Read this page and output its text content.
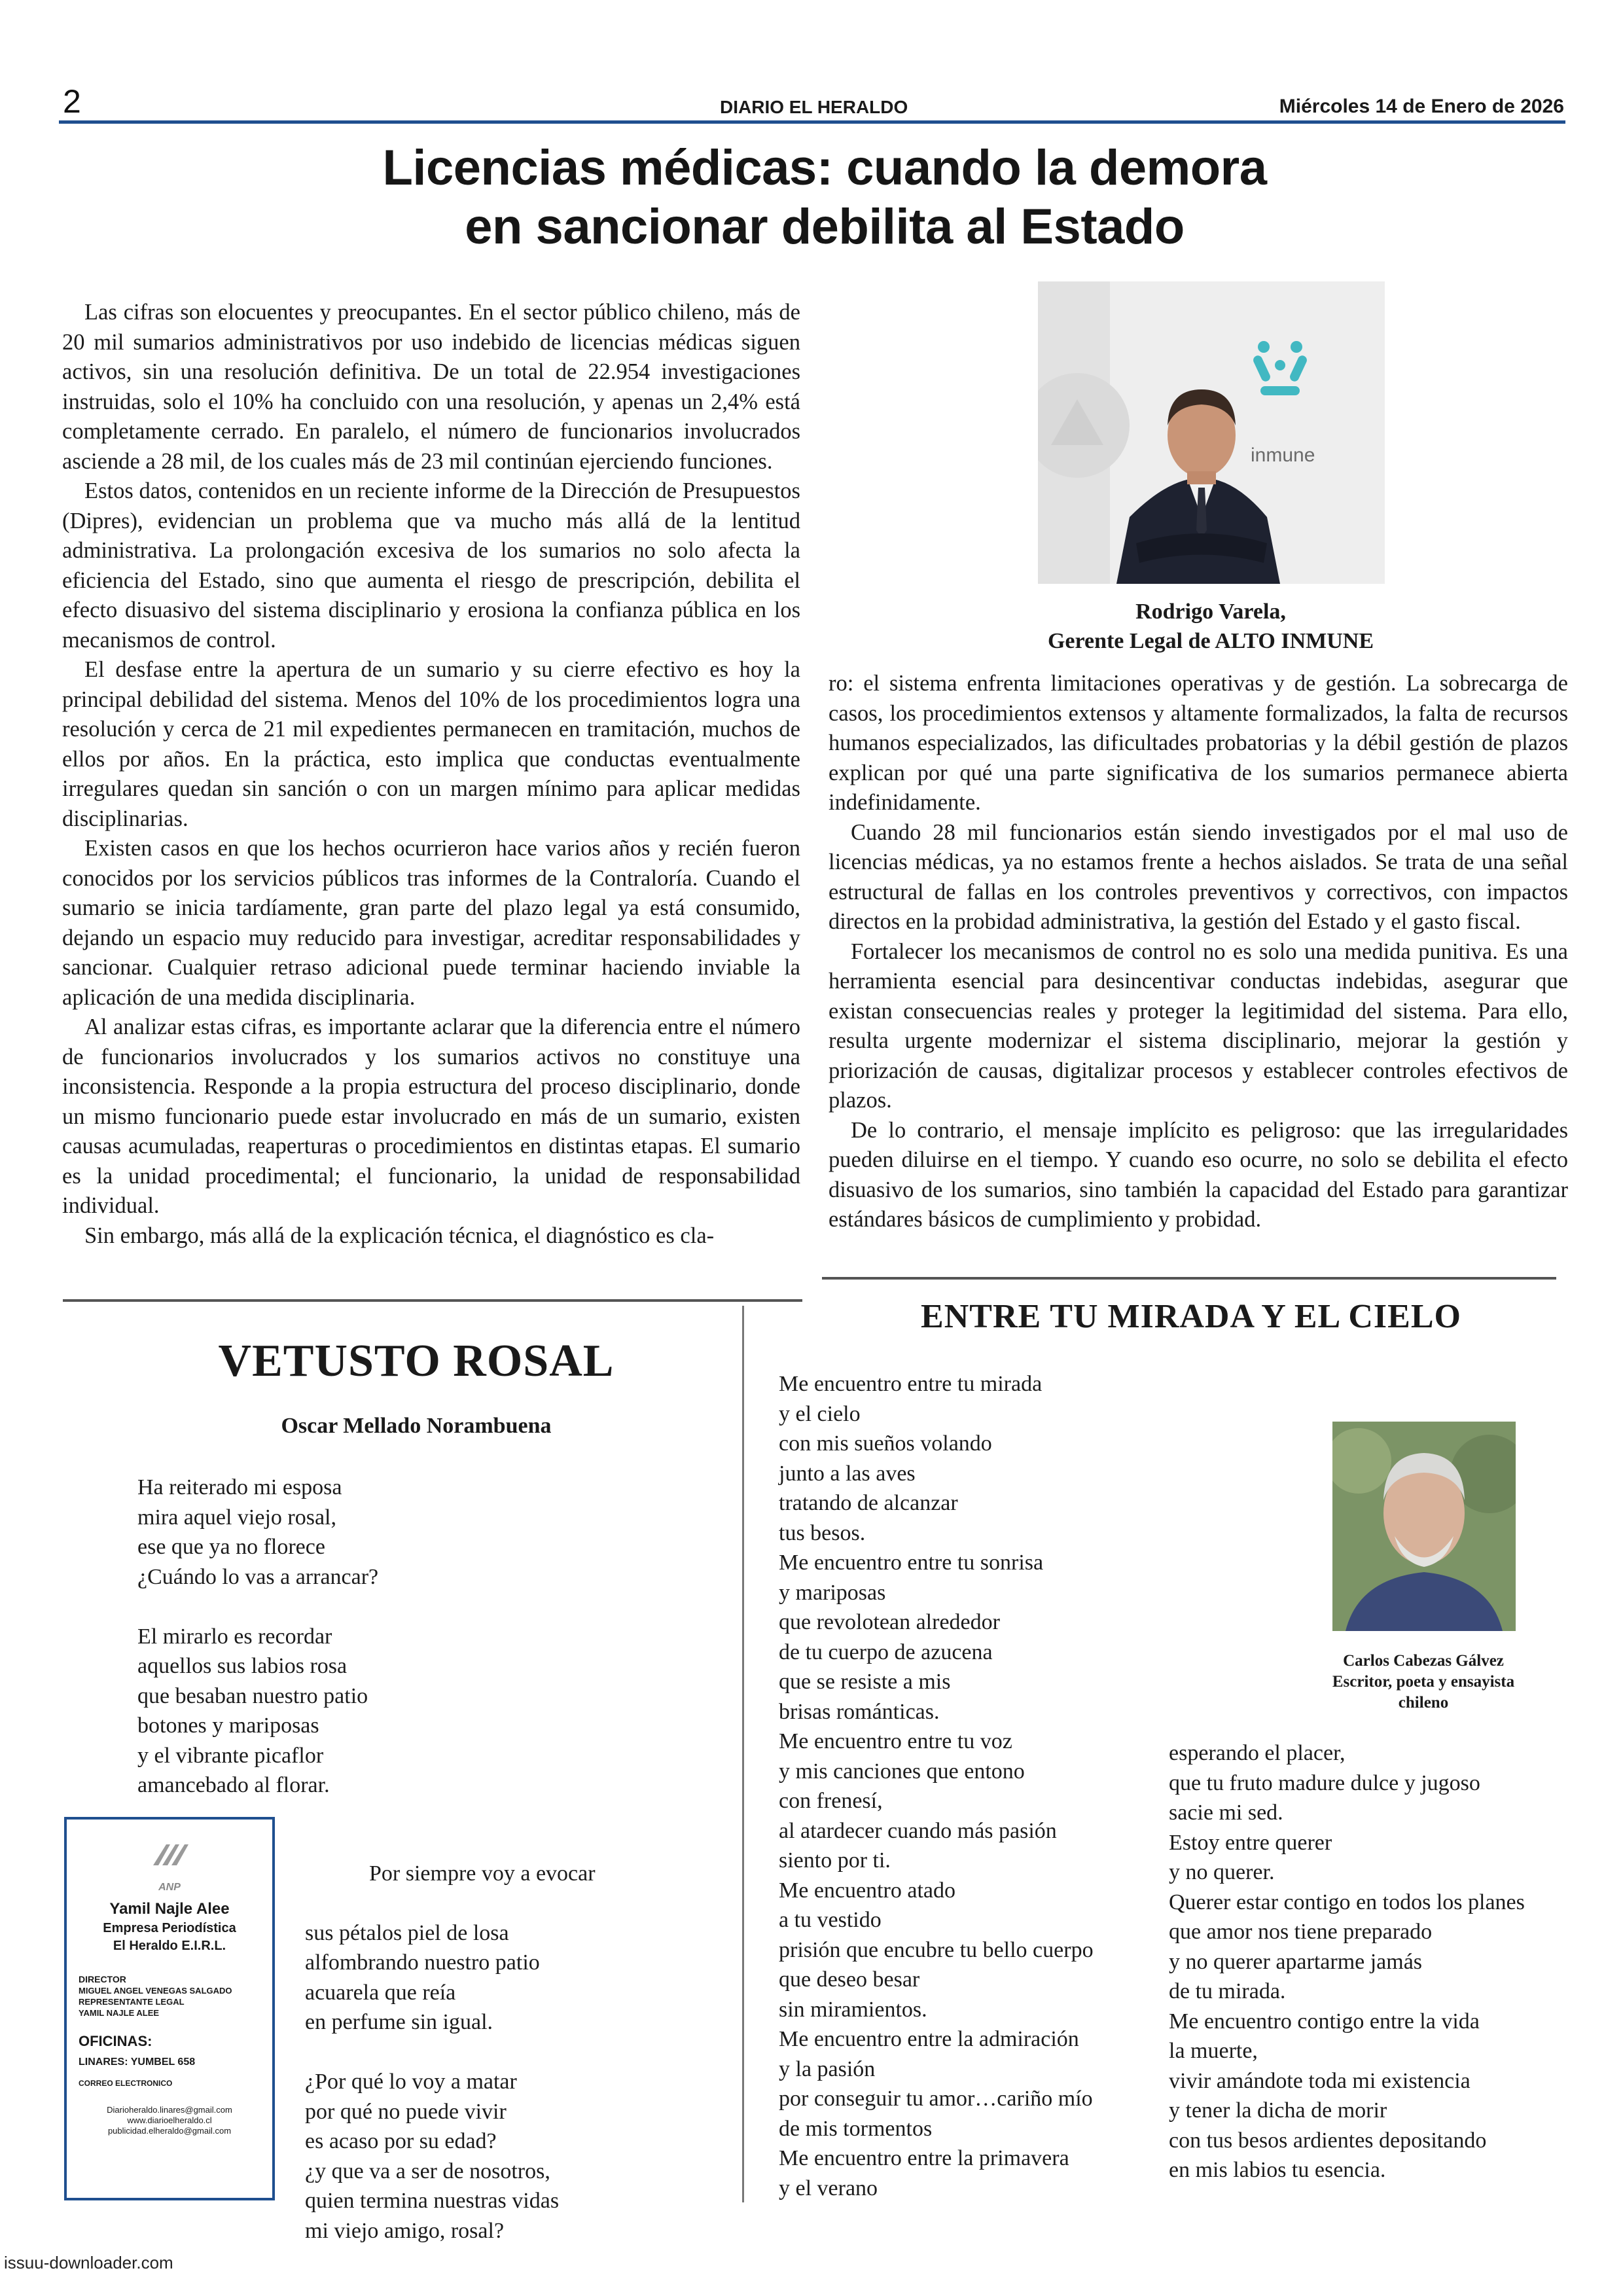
2	DIARIO EL HERALDO	Miércoles 14 de Enero de 2026
Licencias médicas: cuando la demora
en sancionar debilita al Estado

Las cifras son elocuentes y preocupantes. En el sector público chileno, más de 20 mil sumarios administrativos por uso indebido de licencias médicas siguen activos, sin una resolución definitiva. De un total de 22.954 investigaciones instruidas, solo el 10% ha concluido con una resolución, y apenas un 2,4% está completamente cerrado. En paralelo, el número de funcionarios involucrados asciende a 28 mil, de los cuales más de 23 mil continúan ejerciendo funciones.

Estos datos, contenidos en un reciente informe de la Dirección de Presupuestos (Dipres), evidencian un problema que va mucho más allá de la lentitud administrativa. La prolongación excesiva de los sumarios no solo afecta la eficiencia del Estado, sino que aumenta el riesgo de prescripción, debilita el efecto disuasivo del sistema disciplinario y erosiona la confianza pública en los mecanismos de control.

El desfase entre la apertura de un sumario y su cierre efectivo es hoy la principal debilidad del sistema. Menos del 10% de los procedimientos logra una resolución y cerca de 21 mil expedientes permanecen en tramitación, muchos de ellos por años. En la práctica, esto implica que conductas eventualmente irregulares quedan sin sanción o con un margen mínimo para aplicar medidas disciplinarias.

Existen casos en que los hechos ocurrieron hace varios años y recién fueron conocidos por los servicios públicos tras informes de la Contraloría. Cuando el sumario se inicia tardíamente, gran parte del plazo legal ya está consumido, dejando un espacio muy reducido para investigar, acreditar responsabilidades y sancionar. Cualquier retraso adicional puede terminar haciendo inviable la aplicación de una medida disciplinaria.

Al analizar estas cifras, es importante aclarar que la diferencia entre el número de funcionarios involucrados y los sumarios activos no constituye una inconsistencia. Responde a la propia estructura del proceso disciplinario, donde un mismo funcionario puede estar involucrado en más de un sumario, existen causas acumuladas, reaperturas o procedimientos en distintas etapas. El sumario es la unidad procedimental; el funcionario, la unidad de responsabilidad individual.

Sin embargo, más allá de la explicación técnica, el diagnóstico es cla-

inmune
Rodrigo Varela,
Gerente Legal de ALTO INMUNE

ro: el sistema enfrenta limitaciones operativas y de gestión. La sobrecarga de casos, los procedimientos extensos y altamente formalizados, la falta de recursos humanos especializados, las dificultades probatorias y la débil gestión de plazos explican por qué una parte significativa de los sumarios permanece abierta indefinidamente.

Cuando 28 mil funcionarios están siendo investigados por el mal uso de licencias médicas, ya no estamos frente a hechos aislados. Se trata de una señal estructural de fallas en los controles preventivos y correctivos, con impactos directos en la probidad administrativa, la gestión del Estado y el gasto fiscal.

Fortalecer los mecanismos de control no es solo una medida punitiva. Es una herramienta esencial para desincentivar conductas indebidas, asegurar que existan consecuencias reales y proteger la legitimidad del sistema. Para ello, resulta urgente modernizar el sistema disciplinario, mejorar la gestión y priorización de causas, digitalizar procesos y establecer controles efectivos de plazos.

De lo contrario, el mensaje implícito es peligroso: que las irregularidades pueden diluirse en el tiempo. Y cuando eso ocurre, no solo se debilita el efecto disuasivo de los sumarios, sino también la capacidad del Estado para garantizar estándares básicos de cumplimiento y probidad.

VETUSTO ROSAL
Oscar Mellado Norambuena
Ha reiterado mi esposa
mira aquel viejo rosal,
ese que ya no florece
¿Cuándo lo vas a arrancar?

El mirarlo es recordar
aquellos sus labios rosa
que besaban nuestro patio
botones y mariposas
y el vibrante picaflor
amancebado al florar.

Por siempre voy a evocar

sus pétalos piel de losa
alfombrando nuestro patio
acuarela que reía
en perfume sin igual.

¿Por qué lo voy a matar
por qué no puede vivir
es acaso por su edad?
¿y que va a ser de nosotros,
quien termina nuestras vidas
mi viejo amigo, rosal?

ANP
Yamil Najle Alee
Empresa Periodística
El Heraldo E.I.R.L.
DIRECTOR
MIGUEL ANGEL VENEGAS SALGADO
REPRESENTANTE LEGAL
YAMIL NAJLE ALEE
OFICINAS:
LINARES: YUMBEL 658
CORREO ELECTRONICO
Diarioheraldo.linares@gmail.com
www.diarioelheraldo.cl
publicidad.elheraldo@gmail.com
ENTRE TU MIRADA Y EL CIELO
Me encuentro entre tu mirada
y el cielo
con mis sueños volando
junto a las aves
tratando de alcanzar
tus besos.
Me encuentro entre tu sonrisa
y mariposas
que revolotean alrededor
de tu cuerpo de azucena
que se resiste a mis
brisas románticas.
Me encuentro entre tu voz
y mis canciones que entono
con frenesí,
al atardecer cuando más pasión
siento por ti.
Me encuentro atado
a tu vestido
prisión que encubre tu bello cuerpo
que deseo besar
sin miramientos.
Me encuentro entre la admiración
y la pasión
por conseguir tu amor…cariño mío
de mis tormentos
Me encuentro entre la primavera
y el verano
Carlos Cabezas Gálvez
Escritor, poeta y ensayista
chileno
esperando el placer,
que tu fruto madure dulce y jugoso
sacie mi sed.
Estoy entre querer
y no querer.
Querer estar contigo en todos los planes
que amor nos tiene preparado
y no querer apartarme jamás
de tu mirada.
Me encuentro contigo entre la vida
la muerte,
vivir amándote toda mi existencia
y tener la dicha de morir
con tus besos ardientes depositando
en mis labios tu esencia.
issuu-downloader.com
